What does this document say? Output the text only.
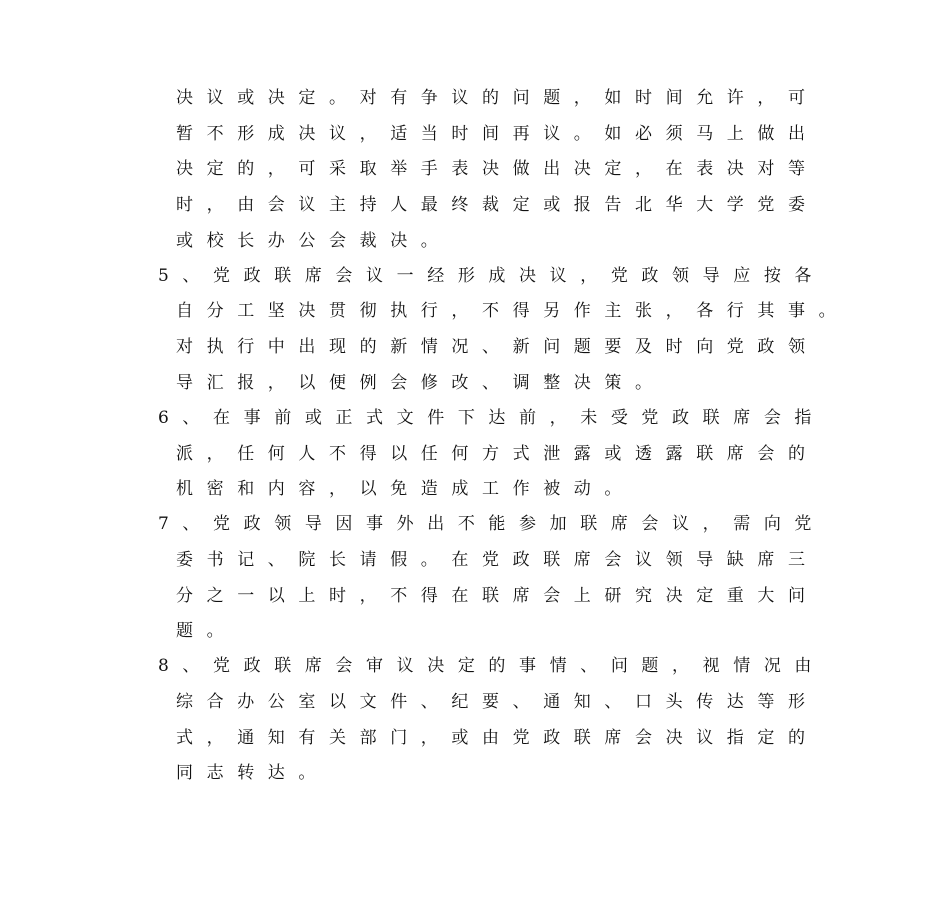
决议或决定。对有争议的问题，如时间允许，可
暂不形成决议，适当时间再议。如必须马上做出
决定的，可采取举手表决做出决定，在表决对等
时，由会议主持人最终裁定或报告北华大学党委
或校长办公会裁决。
5、党政联席会议一经形成决议，党政领导应按各
自分工坚决贯彻执行，不得另作主张，各行其事。
对执行中出现的新情况、新问题要及时向党政领
导汇报，以便例会修改、调整决策。
6、在事前或正式文件下达前，未受党政联席会指
派，任何人不得以任何方式泄露或透露联席会的
机密和内容，以免造成工作被动。
7、党政领导因事外出不能参加联席会议，需向党
委书记、院长请假。在党政联席会议领导缺席三
分之一以上时，不得在联席会上研究决定重大问
题。
8、党政联席会审议决定的事情、问题，视情况由
综合办公室以文件、纪要、通知、口头传达等形
式，通知有关部门，或由党政联席会决议指定的
同志转达。
